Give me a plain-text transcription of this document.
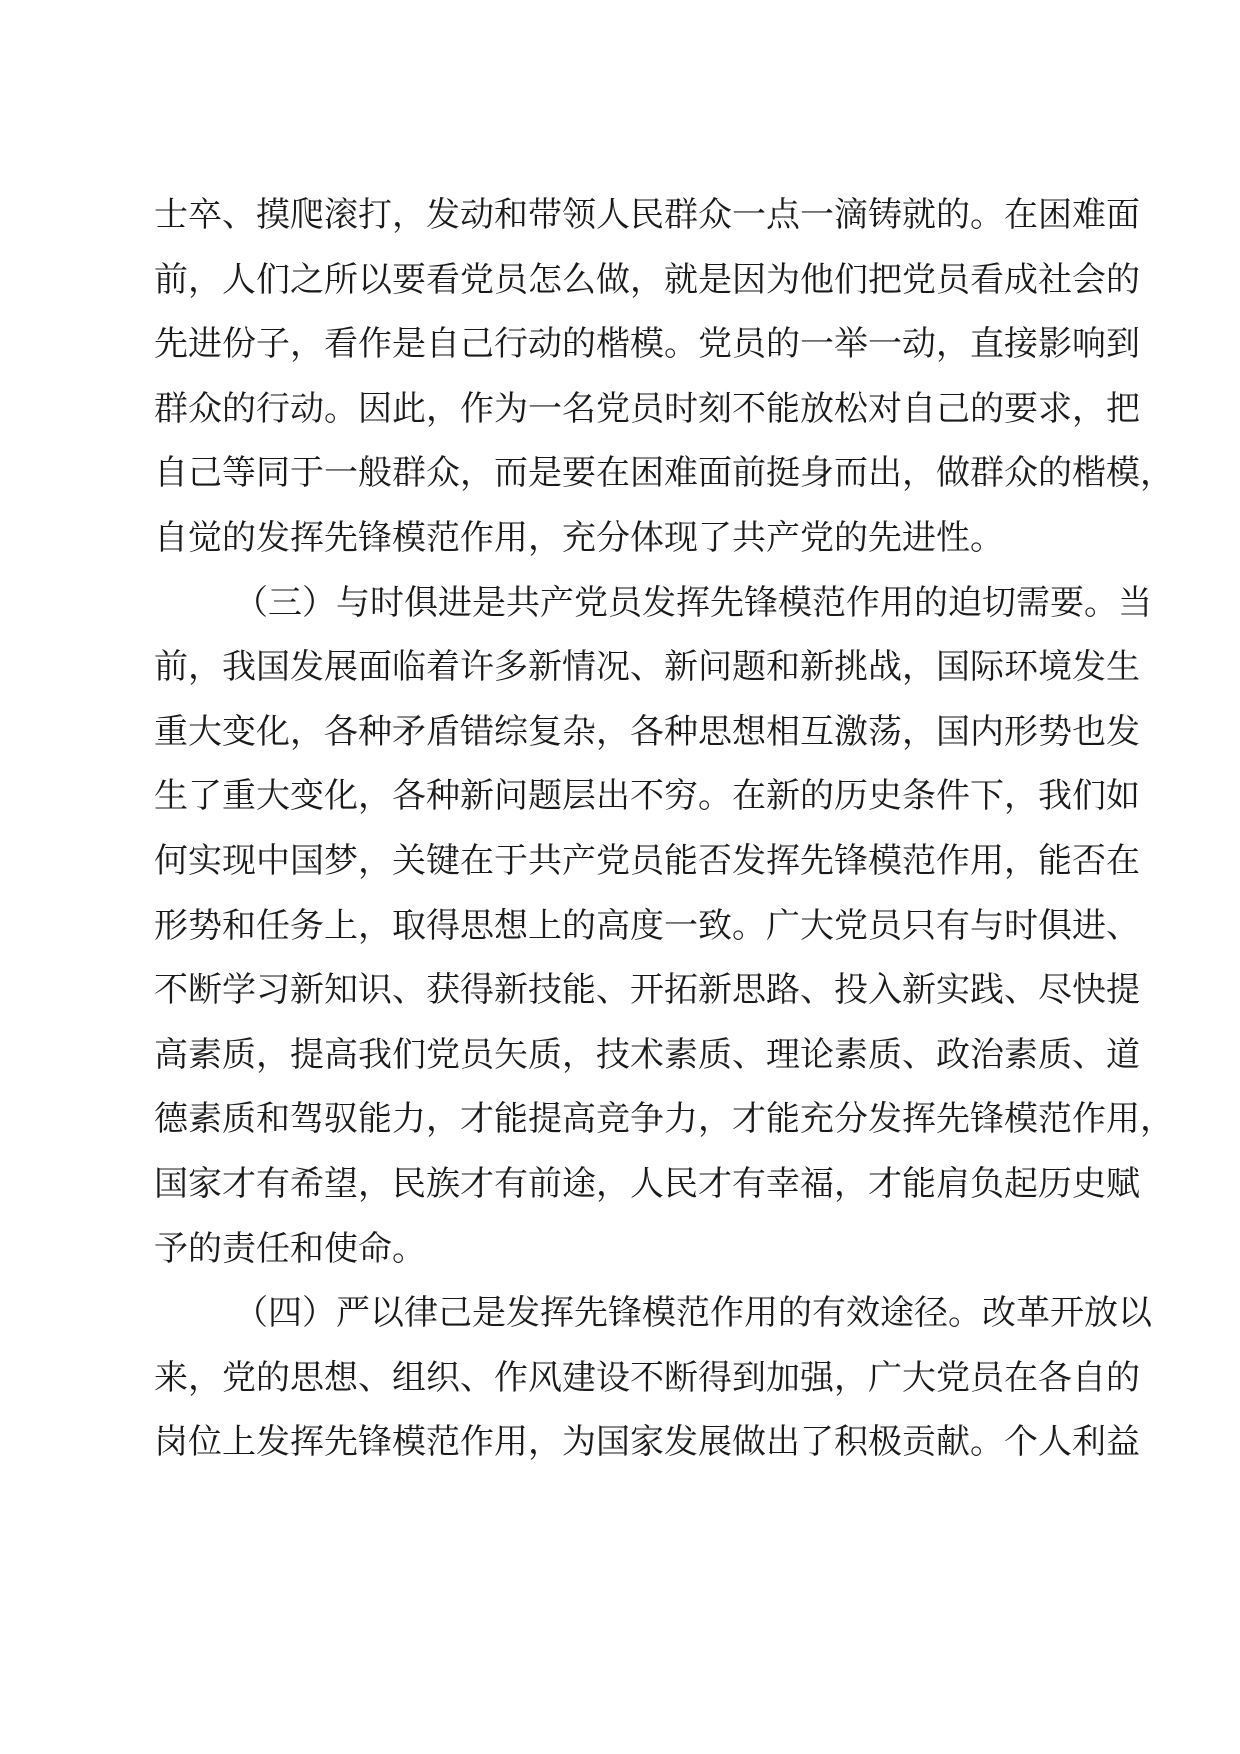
士卒、摸爬滚打，发动和带领人民群众一点一滴铸就的。在困难面
前，人们之所以要看党员怎么做，就是因为他们把党员看成社会的
先进份子，看作是自己行动的楷模。党员的一举一动，直接影响到
群众的行动。因此，作为一名党员时刻不能放松对自己的要求，把
自己等同于一般群众，而是要在困难面前挺身而出，做群众的楷模，
自觉的发挥先锋模范作用，充分体现了共产党的先进性。
（三）与时俱进是共产党员发挥先锋模范作用的迫切需要。当
前，我国发展面临着许多新情况、新问题和新挑战，国际环境发生
重大变化，各种矛盾错综复杂，各种思想相互激荡，国内形势也发
生了重大变化，各种新问题层出不穷。在新的历史条件下，我们如
何实现中国梦，关键在于共产党员能否发挥先锋模范作用，能否在
形势和任务上，取得思想上的高度一致。广大党员只有与时俱进、
不断学习新知识、获得新技能、开拓新思路、投入新实践、尽快提
高素质，提高我们党员矢质，技术素质、理论素质、政治素质、道
德素质和驾驭能力，才能提高竞争力，才能充分发挥先锋模范作用，
国家才有希望，民族才有前途，人民才有幸福，才能肩负起历史赋
予的责任和使命。
（四）严以律己是发挥先锋模范作用的有效途径。改革开放以
来，党的思想、组织、作风建设不断得到加强，广大党员在各自的
岗位上发挥先锋模范作用，为国家发展做出了积极贡献。个人利益
